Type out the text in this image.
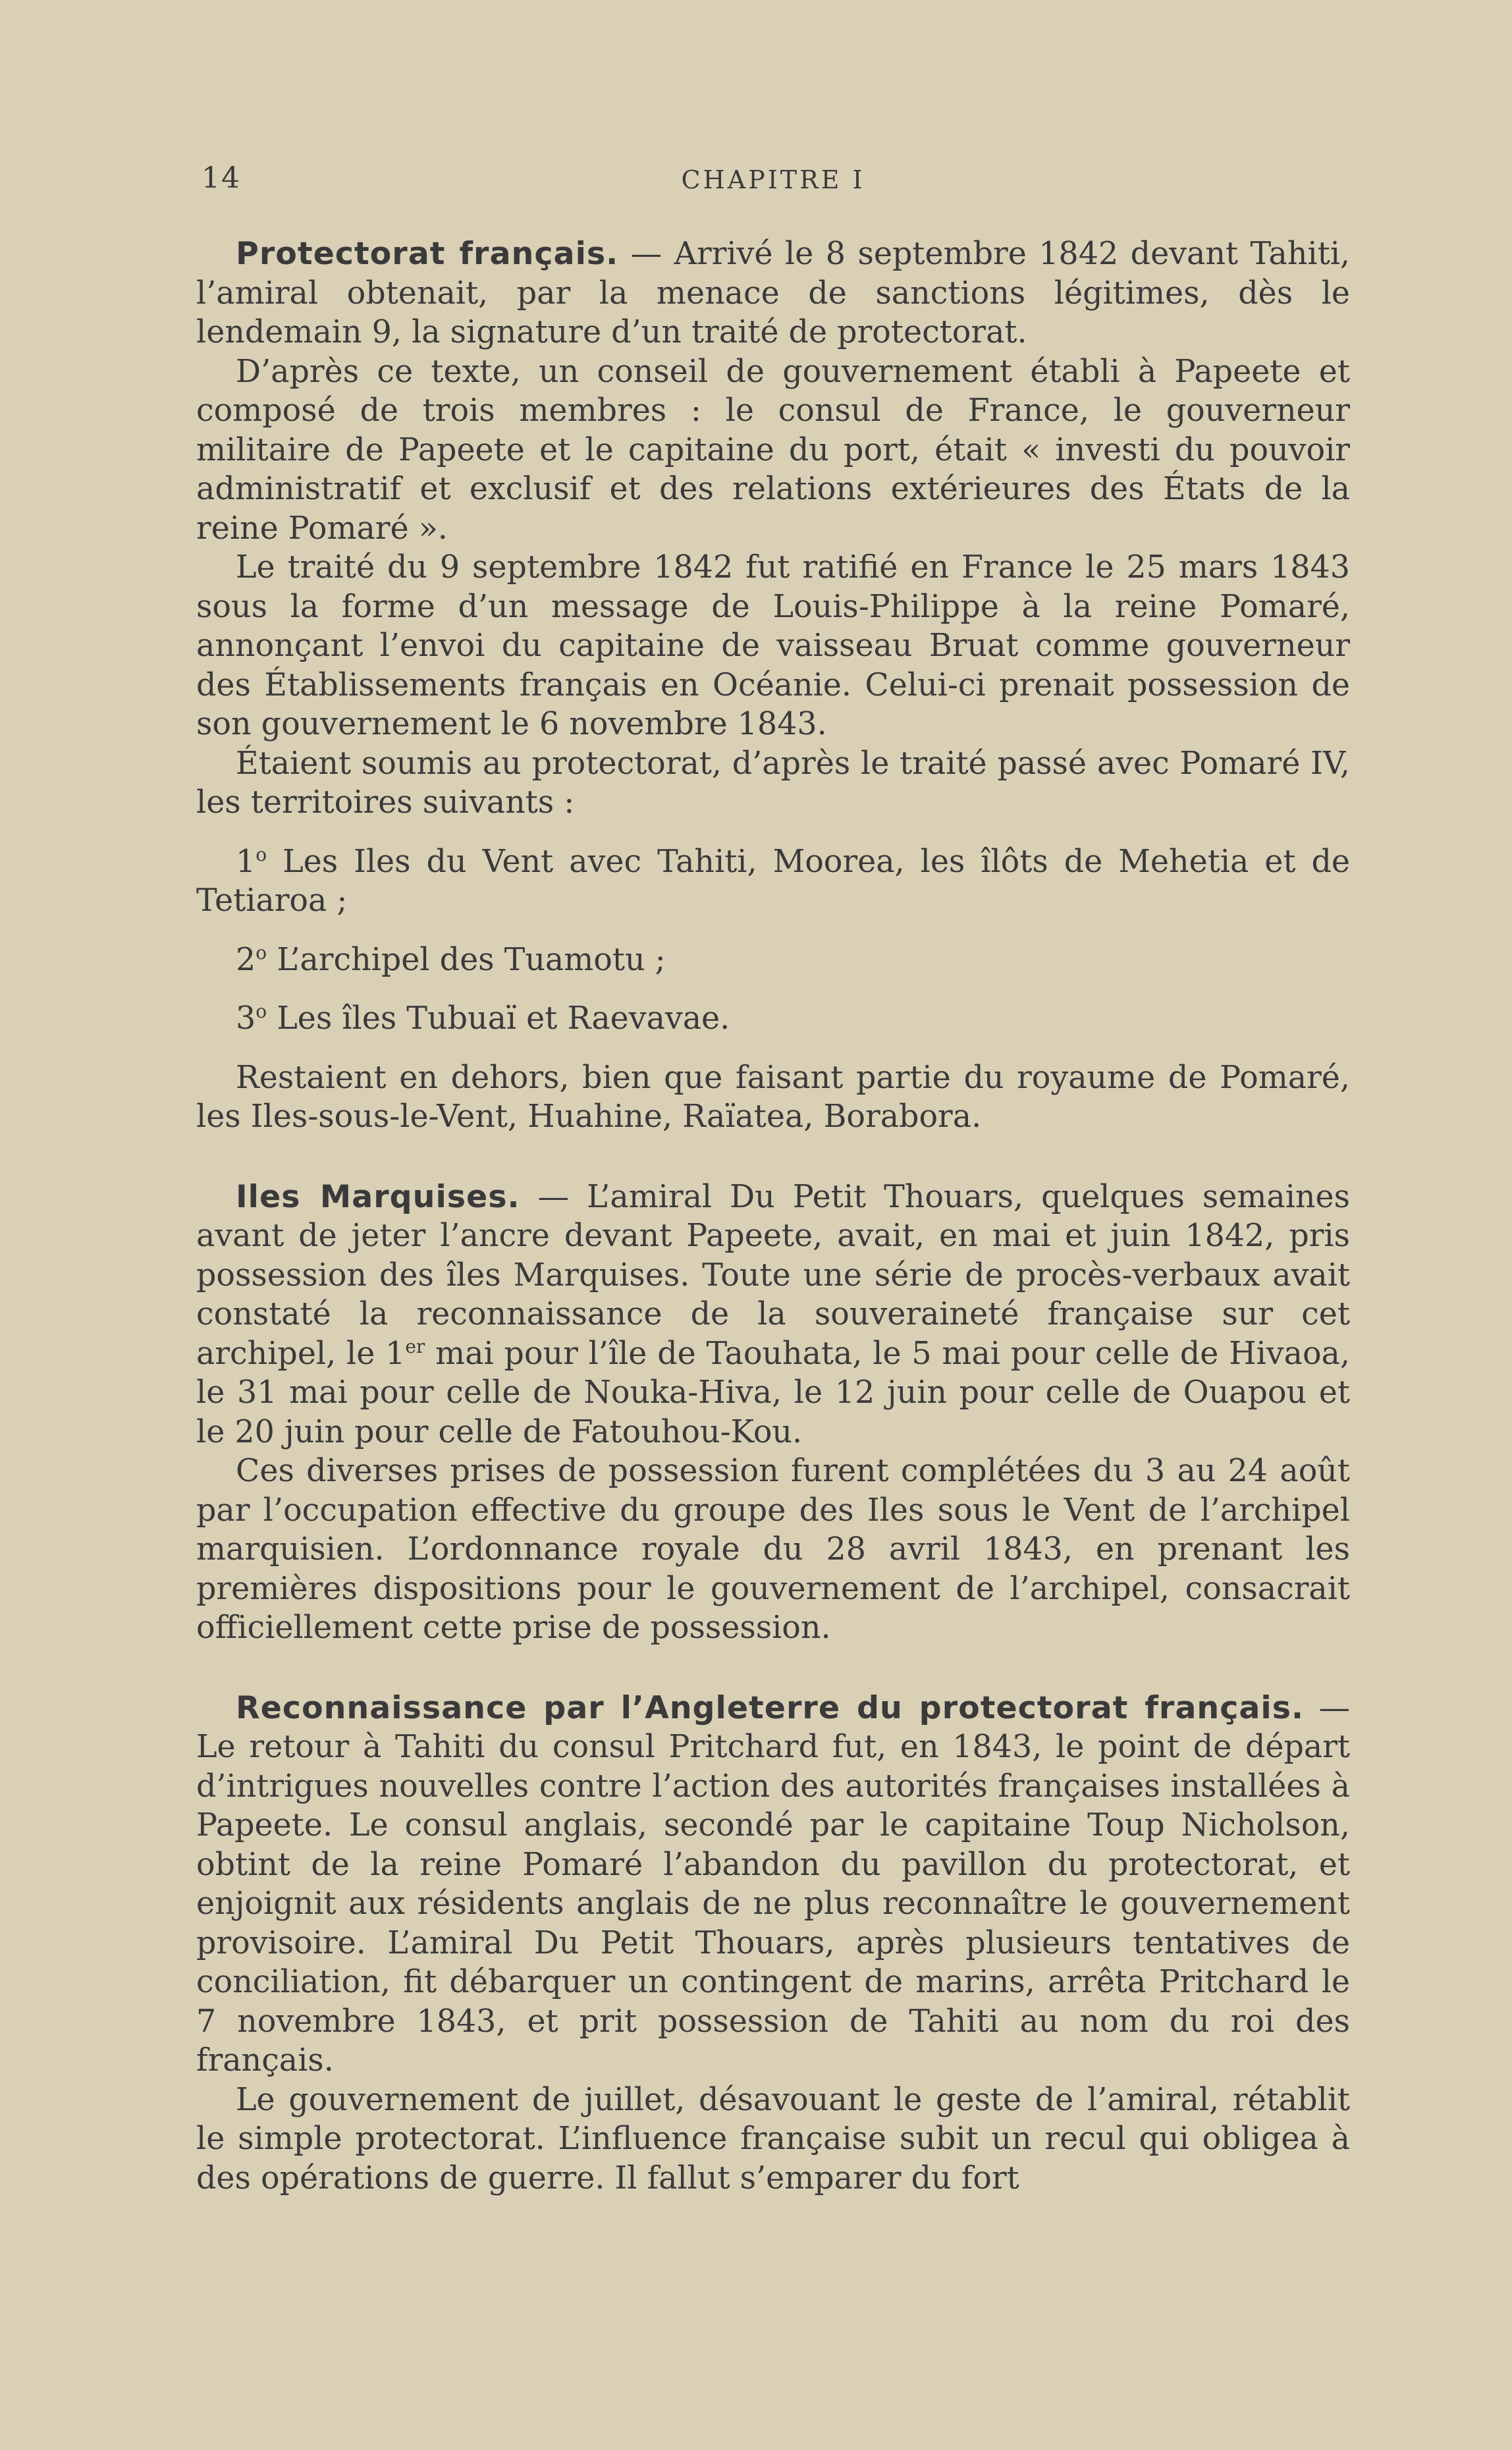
14	CHAPITRE I

Protectorat français. — Arrivé le 8 septembre 1842 devant Tahiti, l’amiral obtenait, par la menace de sanctions légitimes, dès le lendemain 9, la signature d’un traité de protectorat.

D’après ce texte, un conseil de gouvernement établi à Papeete et composé de trois membres : le consul de France, le gouverneur militaire de Papeete et le capitaine du port, était « investi du pouvoir administratif et exclusif et des relations extérieures des États de la reine Pomaré ».

Le traité du 9 septembre 1842 fut ratifié en France le 25 mars 1843 sous la forme d’un message de Louis-Philippe à la reine Pomaré, annonçant l’envoi du capitaine de vaisseau Bruat comme gouverneur des Établissements français en Océanie. Celui-ci prenait possession de son gouvernement le 6 novembre 1843.

Étaient soumis au protectorat, d’après le traité passé avec Pomaré IV, les territoires suivants :

1$^o$ Les Iles du Vent avec Tahiti, Moorea, les îlôts de Mehetia et de Tetiaroa ;

2$^o$ L’archipel des Tuamotu ;

3$^o$ Les îles Tubuaï et Raevavae.

Restaient en dehors, bien que faisant partie du royaume de Pomaré, les Iles-sous-le-Vent, Huahine, Raïatea, Borabora.

Iles Marquises. — L’amiral Du Petit Thouars, quelques semaines avant de jeter l’ancre devant Papeete, avait, en mai et juin 1842, pris possession des îles Marquises. Toute une série de procès-verbaux avait constaté la reconnaissance de la souveraineté française sur cet archipel, le 1er mai pour l’île de Taouhata, le 5 mai pour celle de Hivaoa, le 31 mai pour celle de Nouka-Hiva, le 12 juin pour celle de Ouapou et le 20 juin pour celle de Fatouhou-Kou.

Ces diverses prises de possession furent complétées du 3 au 24 août par l’occupation effective du groupe des Iles sous le Vent de l’archipel marquisien. L’ordonnance royale du 28 avril 1843, en prenant les premières dispositions pour le gouvernement de l’archipel, consacrait officiellement cette prise de possession.

Reconnaissance par l’Angleterre du protectorat français. — Le retour à Tahiti du consul Pritchard fut, en 1843, le point de départ d’intrigues nouvelles contre l’action des autorités françaises installées à Papeete. Le consul anglais, secondé par le capitaine Toup Nicholson, obtint de la reine Pomaré l’abandon du pavillon du protectorat, et enjoignit aux résidents anglais de ne plus reconnaître le gouvernement provisoire. L’amiral Du Petit Thouars, après plusieurs tentatives de conciliation, fit débarquer un contingent de marins, arrêta Pritchard le 7 novembre 1843, et prit possession de Tahiti au nom du roi des français.

Le gouvernement de juillet, désavouant le geste de l’amiral, rétablit le simple protectorat. L’influence française subit un recul qui obligea à des opérations de guerre. Il fallut s’emparer du fort
